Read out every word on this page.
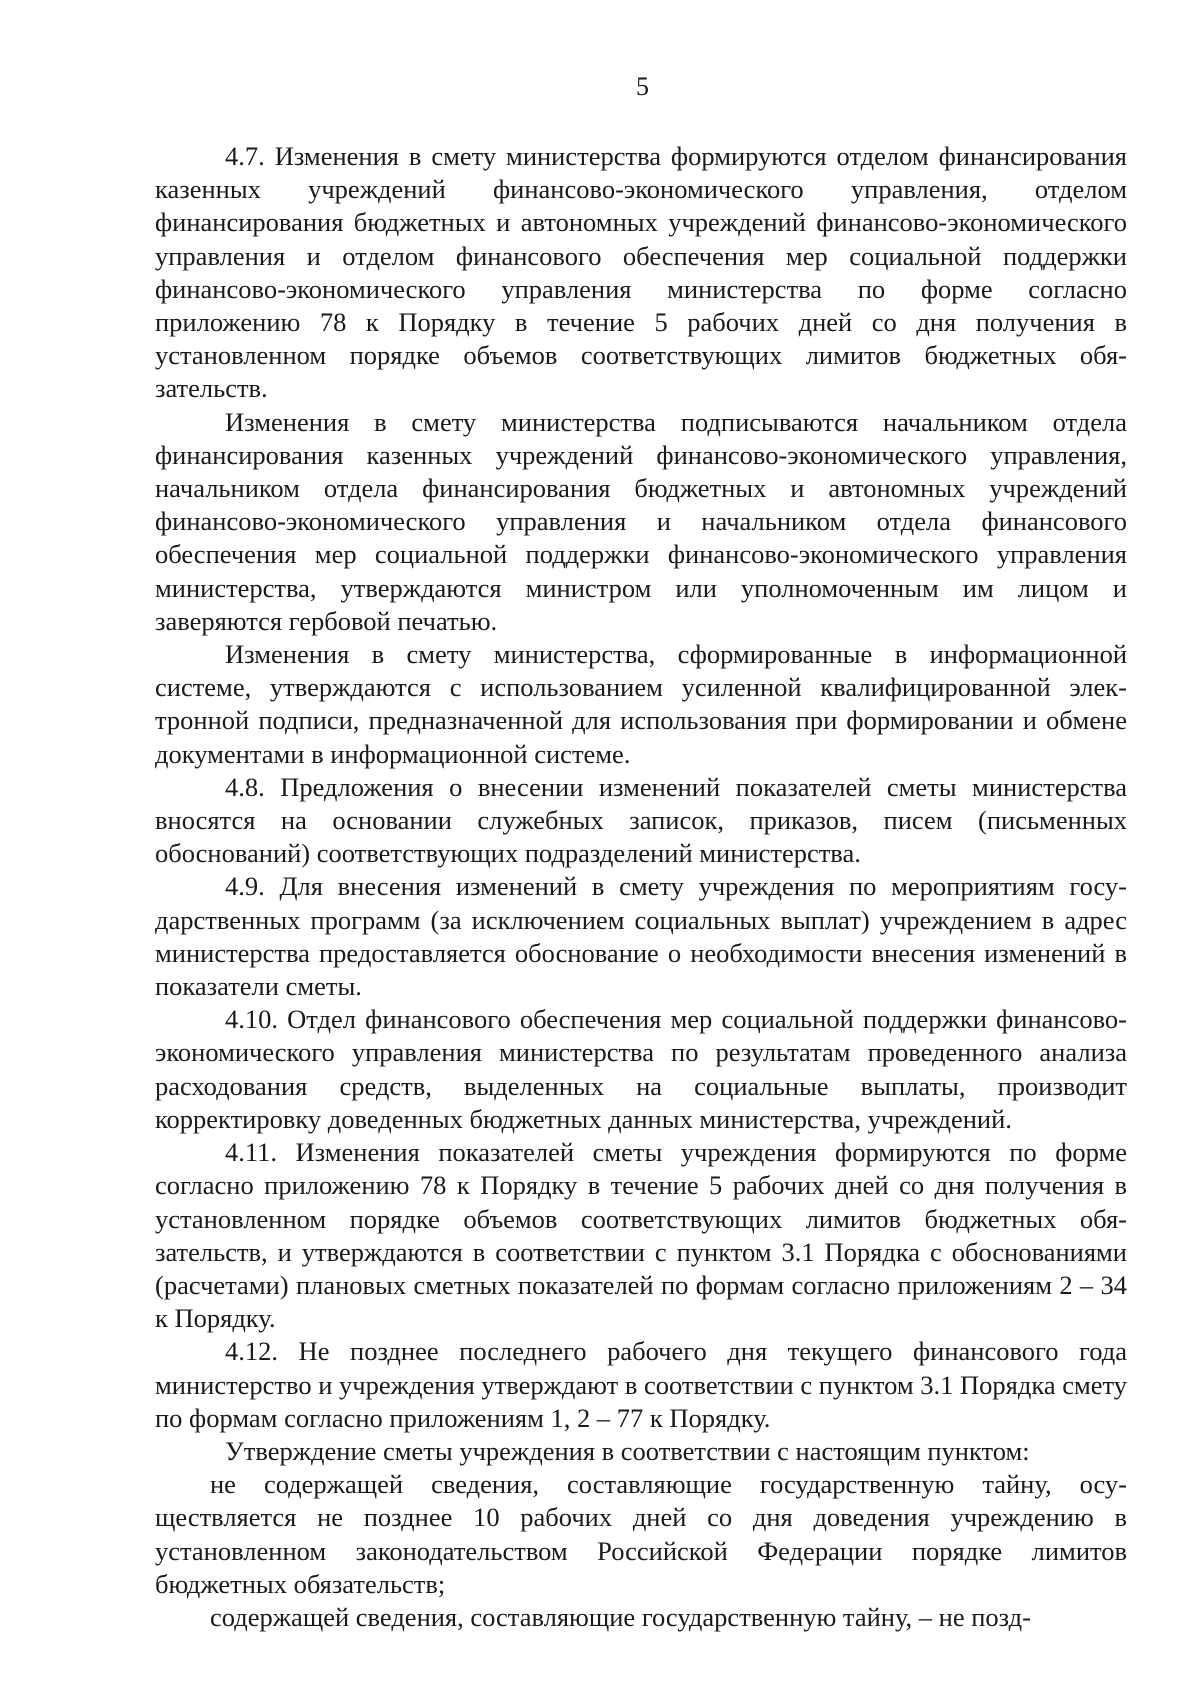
5

4.7. Изменения в смету министерства формируются отделом финансирования казенных учреждений финансово-экономического управления, отделом финансирования бюджетных и автономных учреждений финансово-экономического управления и отделом финансового обеспечения мер социальной поддержки финансово-экономического управления министерства по форме согласно приложению 78 к Порядку в течение 5 рабочих дней со дня получения в установленном порядке объемов соответствующих лимитов бюджетных обязательств.

Изменения в смету министерства подписываются начальником отдела финансирования казенных учреждений финансово-экономического управления, начальником отдела финансирования бюджетных и автономных учреждений финансово-экономического управления и начальником отдела финансового обеспечения мер социальной поддержки финансово-экономического управления министерства, утверждаются министром или уполномоченным им лицом и заверяются гербовой печатью.

Изменения в смету министерства, сформированные в информационной системе, утверждаются с использованием усиленной квалифицированной электронной подписи, предназначенной для использования при формировании и обмене документами в информационной системе.

4.8. Предложения о внесении изменений показателей сметы министерства вносятся на основании служебных записок, приказов, писем (письменных обоснований) соответствующих подразделений министерства.

4.9. Для внесения изменений в смету учреждения по мероприятиям государственных программ (за исключением социальных выплат) учреждением в адрес министерства предоставляется обоснование о необходимости внесения изменений в показатели сметы.

4.10. Отдел финансового обеспечения мер социальной поддержки финансово-экономического управления министерства по результатам проведенного анализа расходования средств, выделенных на социальные выплаты, производит корректировку доведенных бюджетных данных министерства, учреждений.

4.11. Изменения показателей сметы учреждения формируются по форме согласно приложению 78 к Порядку в течение 5 рабочих дней со дня получения в установленном порядке объемов соответствующих лимитов бюджетных обязательств, и утверждаются в соответствии с пунктом 3.1 Порядка с обоснованиями (расчетами) плановых сметных показателей по формам согласно приложениям 2 – 34 к Порядку.

4.12. Не позднее последнего рабочего дня текущего финансового года министерство и учреждения утверждают в соответствии с пунктом 3.1 Порядка смету по формам согласно приложениям 1, 2 – 77 к Порядку.

Утверждение сметы учреждения в соответствии с настоящим пунктом:

не содержащей сведения, составляющие государственную тайну, осуществляется не позднее 10 рабочих дней со дня доведения учреждению в установленном законодательством Российской Федерации порядке лимитов бюджетных обязательств;

содержащей сведения, составляющие государственную тайну, – не позд-
